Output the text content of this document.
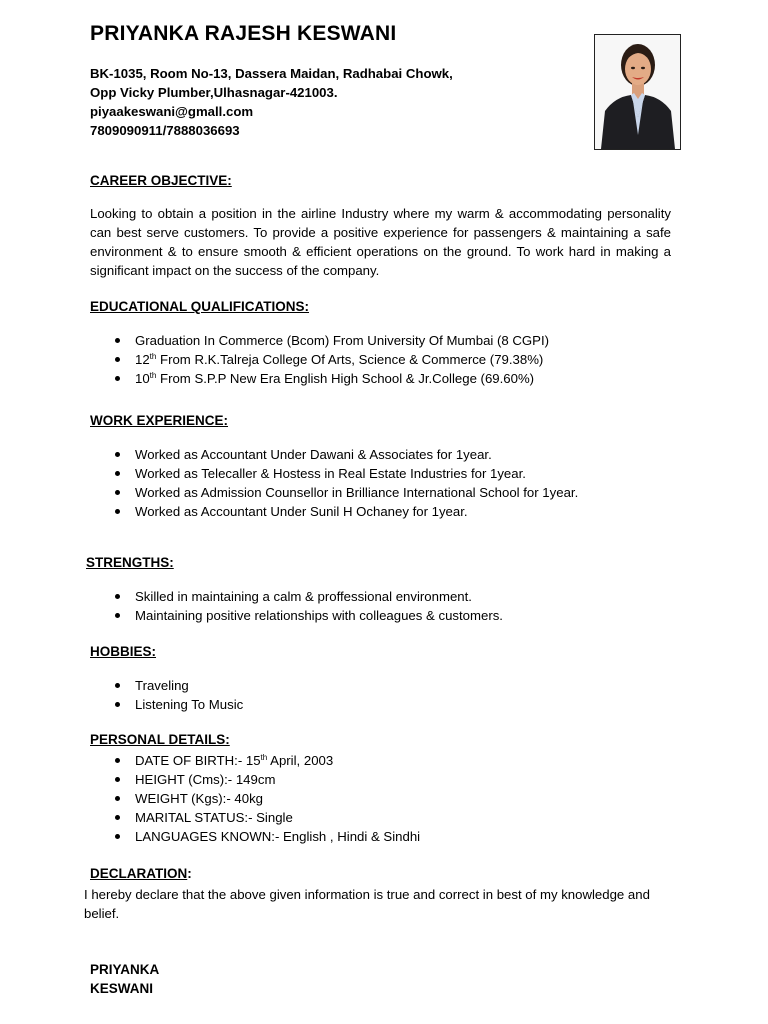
PRIYANKA RAJESH KESWANI
BK-1035, Room No-13, Dassera Maidan, Radhabai Chowk,
Opp Vicky Plumber,Ulhasnagar-421003.
piyaakeswani@gmall.com
7809090911/7888036693
CAREER OBJECTIVE:
Looking to obtain a position in the airline Industry where my warm & accommodating personality can best serve customers. To provide a positive experience for passengers & maintaining a safe environment & to ensure smooth & efficient operations on the ground. To work hard in making a significant impact on the success of the company.
EDUCATIONAL QUALIFICATIONS:
Graduation In Commerce (Bcom) From University Of Mumbai (8 CGPI)
12th From R.K.Talreja College Of Arts, Science & Commerce (79.38%)
10th From S.P.P New Era English High School & Jr.College (69.60%)
WORK EXPERIENCE:
Worked as Accountant Under Dawani & Associates for 1year.
Worked as Telecaller & Hostess in Real Estate Industries for 1year.
Worked as Admission Counsellor in Brilliance International School for 1year.
Worked as Accountant Under Sunil H Ochaney for 1year.
STRENGTHS:
Skilled in maintaining a calm & proffessional environment.
Maintaining positive relationships with colleagues & customers.
HOBBIES:
Traveling
Listening To Music
PERSONAL DETAILS:
DATE OF BIRTH:- 15th April, 2003
HEIGHT (Cms):- 149cm
WEIGHT (Kgs):- 40kg
MARITAL STATUS:- Single
LANGUAGES KNOWN:- English , Hindi & Sindhi
DECLARATION:
I hereby declare that the above given information is true and correct in best of my knowledge and belief.
PRIYANKA
KESWANI
